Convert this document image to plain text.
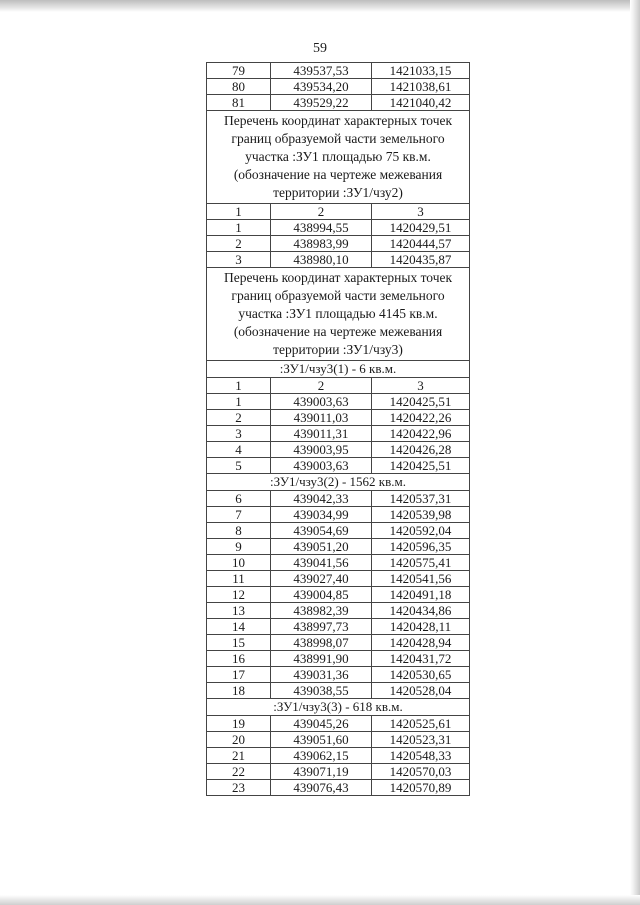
59
79	439537,53	1421033,15
80	439534,20	1421038,61
81	439529,22	1421040,42
Перечень координат характерных точек границ образуемой части земельного участка :ЗУ1 площадью 75 кв.м. (обозначение на чертеже межевания территории :ЗУ1/чзу2)		
1	2	3
1	438994,55	1420429,51
2	438983,99	1420444,57
3	438980,10	1420435,87
Перечень координат характерных точек границ образуемой части земельного участка :ЗУ1 площадью 4145 кв.м. (обозначение на чертеже межевания территории :ЗУ1/чзу3)		
:ЗУ1/чзу3(1) - 6 кв.м.		
1	2	3
1	439003,63	1420425,51
2	439011,03	1420422,26
3	439011,31	1420422,96
4	439003,95	1420426,28
5	439003,63	1420425,51
:ЗУ1/чзу3(2) - 1562 кв.м.		
6	439042,33	1420537,31
7	439034,99	1420539,98
8	439054,69	1420592,04
9	439051,20	1420596,35
10	439041,56	1420575,41
11	439027,40	1420541,56
12	439004,85	1420491,18
13	438982,39	1420434,86
14	438997,73	1420428,11
15	438998,07	1420428,94
16	438991,90	1420431,72
17	439031,36	1420530,65
18	439038,55	1420528,04
:ЗУ1/чзу3(3) - 618 кв.м.		
19	439045,26	1420525,61
20	439051,60	1420523,31
21	439062,15	1420548,33
22	439071,19	1420570,03
23	439076,43	1420570,89
